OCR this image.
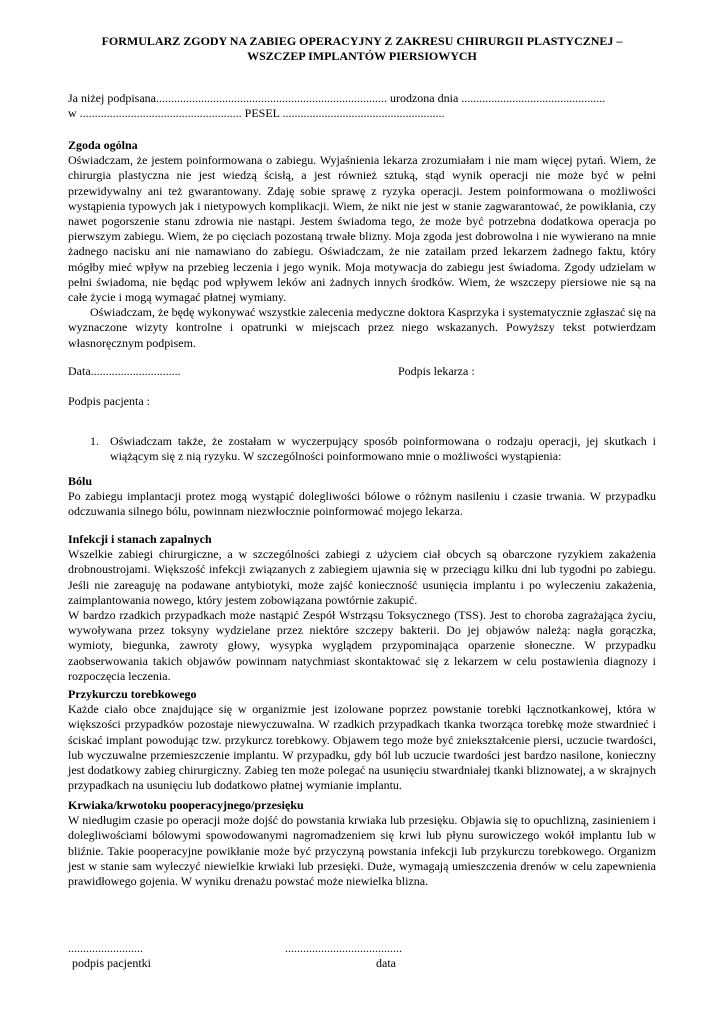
FORMULARZ ZGODY NA ZABIEG OPERACYJNY Z ZAKRESU CHIRURGII PLASTYCZNEJ –
WSZCZEP IMPLANTÓW PIERSIOWYCH
Ja niżej podpisana............................................................................. urodzona dnia ................................................
w ...................................................... PESEL ......................................................
Zgoda ogólna
Oświadczam, że jestem poinformowana o zabiegu. Wyjaśnienia lekarza zrozumiałam i nie mam więcej pytań. Wiem, że chirurgia plastyczna nie jest wiedzą ścisłą, a jest również sztuką, stąd wynik operacji nie może być w pełni przewidywalny ani też gwarantowany. Zdaję sobie sprawę z ryzyka operacji. Jestem poinformowana o możliwości wystąpienia typowych jak i nietypowych komplikacji. Wiem, że nikt nie jest w stanie zagwarantować, że powikłania, czy nawet pogorszenie stanu zdrowia nie nastąpi. Jestem świadoma tego, że może być potrzebna dodatkowa operacja po pierwszym zabiegu. Wiem, że po cięciach pozostaną trwałe blizny. Moja zgoda jest dobrowolna i nie wywierano na mnie żadnego nacisku ani nie namawiano do zabiegu. Oświadczam, że nie zatailam przed lekarzem żadnego faktu, który mógłby mieć wpływ na przebieg leczenia i jego wynik. Moja motywacja do zabiegu jest świadoma. Zgody udzielam w pełni świadoma, nie będąc pod wpływem leków ani żadnych innych środków. Wiem, że wszczepy piersiowe nie są na całe życie i mogą wymagać płatnej wymiany.
Oświadczam, że będę wykonywać wszystkie zalecenia medyczne doktora Kasprzyka i systematycznie zgłaszać się na wyznaczone wizyty kontrolne i opatrunki w miejscach przez niego wskazanych. Powyższy tekst potwierdzam własnoręcznym podpisem.
Data..............................	Podpis lekarza :
Podpis pacjenta :
1. Oświadczam także, że zostałam w wyczerpujący sposób poinformowana o rodzaju operacji, jej skutkach i wiążącym się z nią ryzyku. W szczególności poinformowano mnie o możliwości wystąpienia:
Bólu
Po zabiegu implantacji protez mogą wystąpić dolegliwości bólowe o różnym nasileniu i czasie trwania. W przypadku odczuwania silnego bólu, powinnam niezwłocznie poinformować mojego lekarza.
Infekcji i stanach zapalnych
Wszelkie zabiegi chirurgiczne, a w szczególności zabiegi z użyciem ciał obcych są obarczone ryzykiem zakażenia drobnoustrojami. Większość infekcji związanych z zabiegiem ujawnia się w przeciągu kilku dni lub tygodni po zabiegu. Jeśli nie zareaguję na podawane antybiotyki, może zajść konieczność usunięcia implantu i po wyleczeniu zakażenia, zaimplantowania nowego, który jestem zobowiązana powtórnie zakupić.
W bardzo rzadkich przypadkach może nastąpić Zespół Wstrząsu Toksycznego (TSS). Jest to choroba zagrażająca życiu, wywoływana przez toksyny wydzielane przez niektóre szczepy bakterii. Do jej objawów należą: nagła gorączka, wymioty, biegunka, zawroty głowy, wysypka wyglądem przypominająca oparzenie słoneczne. W przypadku zaobserwowania takich objawów powinnam natychmiast skontaktować się z lekarzem w celu postawienia diagnozy i rozpoczęcia leczenia.
Przykurczu torebkowego
Każde ciało obce znajdujące się w organizmie jest izolowane poprzez powstanie torebki łącznotkankowej, która w większości przypadków pozostaje niewyczuwalna. W rzadkich przypadkach tkanka tworząca torebkę może stwardnieć i ściskać implant powodując tzw. przykurcz torebkowy. Objawem tego może być zniekształcenie piersi, uczucie twardości, lub wyczuwalne przemieszczenie implantu. W przypadku, gdy ból lub uczucie twardości jest bardzo nasilone, konieczny jest dodatkowy zabieg chirurgiczny. Zabieg ten może polegać na usunięciu stwardniałej tkanki bliznowatej, a w skrajnych przypadkach na usunięciu lub dodatkowo płatnej wymianie implantu.
Krwiaka/krwotoku pooperacyjnego/przesięku
W niedługim czasie po operacji może dojść do powstania krwiaka lub przesięku. Objawia się to opuchlizną, zasinieniem i dolegliwościami bólowymi spowodowanymi nagromadzeniem się krwi lub płynu surowiczego wokół implantu lub w bliźnie. Takie pooperacyjne powikłanie może być przyczyną powstania infekcji lub przykurczu torebkowego. Organizm jest w stanie sam wyleczyć niewielkie krwiaki lub przesięki. Duże, wymagają umieszczenia drenów w celu zapewnienia prawidłowego gojenia. W wyniku drenażu powstać może niewielka blizna.
.........................	.......................................
podpis pacjentki	data
